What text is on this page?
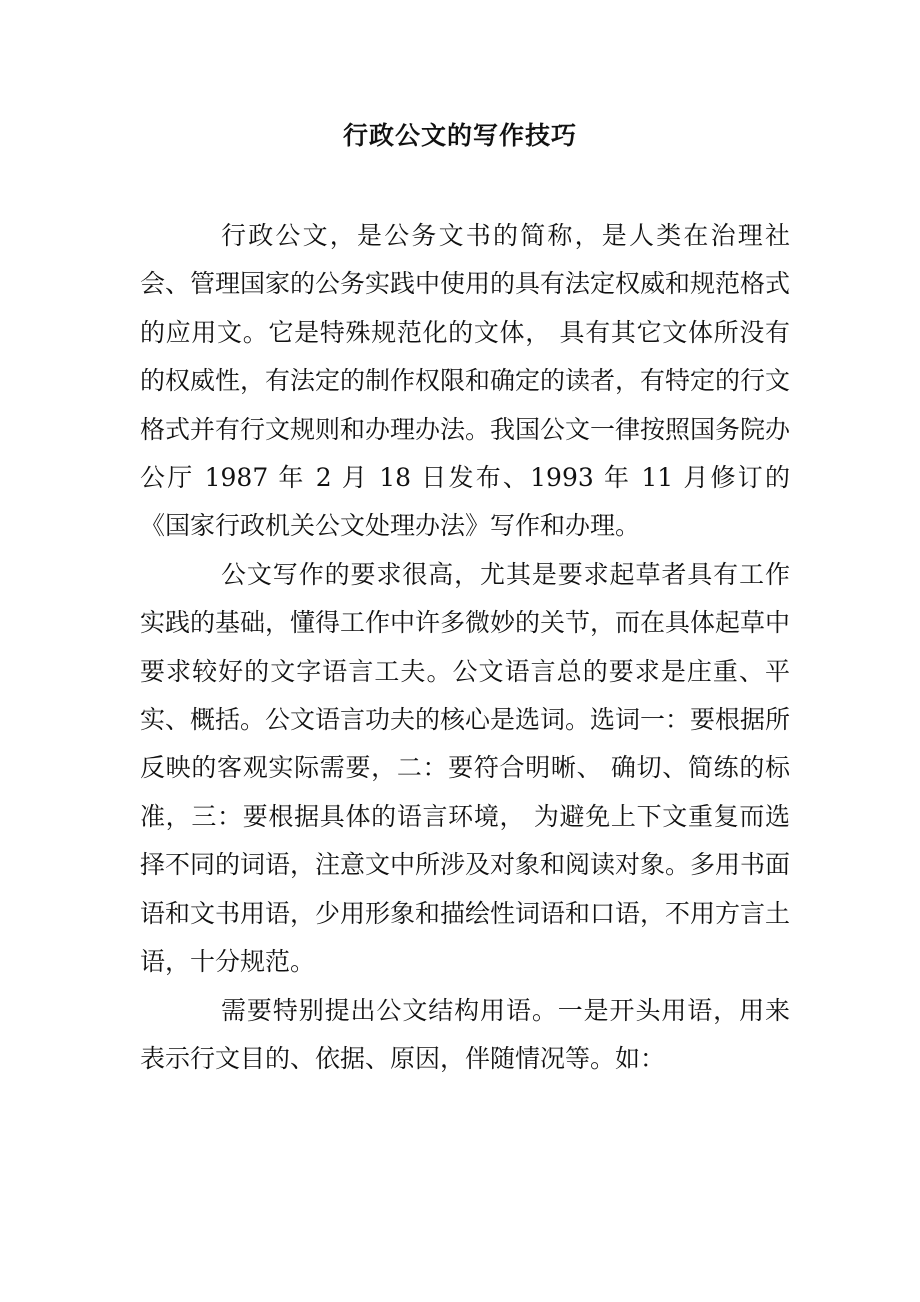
行政公文的写作技巧

行政公文，是公务文书的简称，是人类在治理社会、管理国家的公务实践中使用的具有法定权威和规范格式的应用文。它是特殊规范化的文体， 具有其它文体所没有的权威性，有法定的制作权限和确定的读者，有特定的行文格式并有行文规则和办理办法。我国公文一律按照国务院办公厅 1987 年 2 月 18 日发布、1993 年 11 月修订的《国家行政机关公文处理办法》写作和办理。

公文写作的要求很高，尤其是要求起草者具有工作实践的基础，懂得工作中许多微妙的关节，而在具体起草中要求较好的文字语言工夫。公文语言总的要求是庄重、平实、概括。公文语言功夫的核心是选词。选词一：要根据所反映的客观实际需要，二：要符合明晰、 确切、简练的标准，三：要根据具体的语言环境， 为避免上下文重复而选择不同的词语，注意文中所涉及对象和阅读对象。多用书面语和文书用语，少用形象和描绘性词语和口语，不用方言土语，十分规范。

需要特别提出公文结构用语。一是开头用语，用来表示行文目的、依据、原因，伴随情况等。如：
